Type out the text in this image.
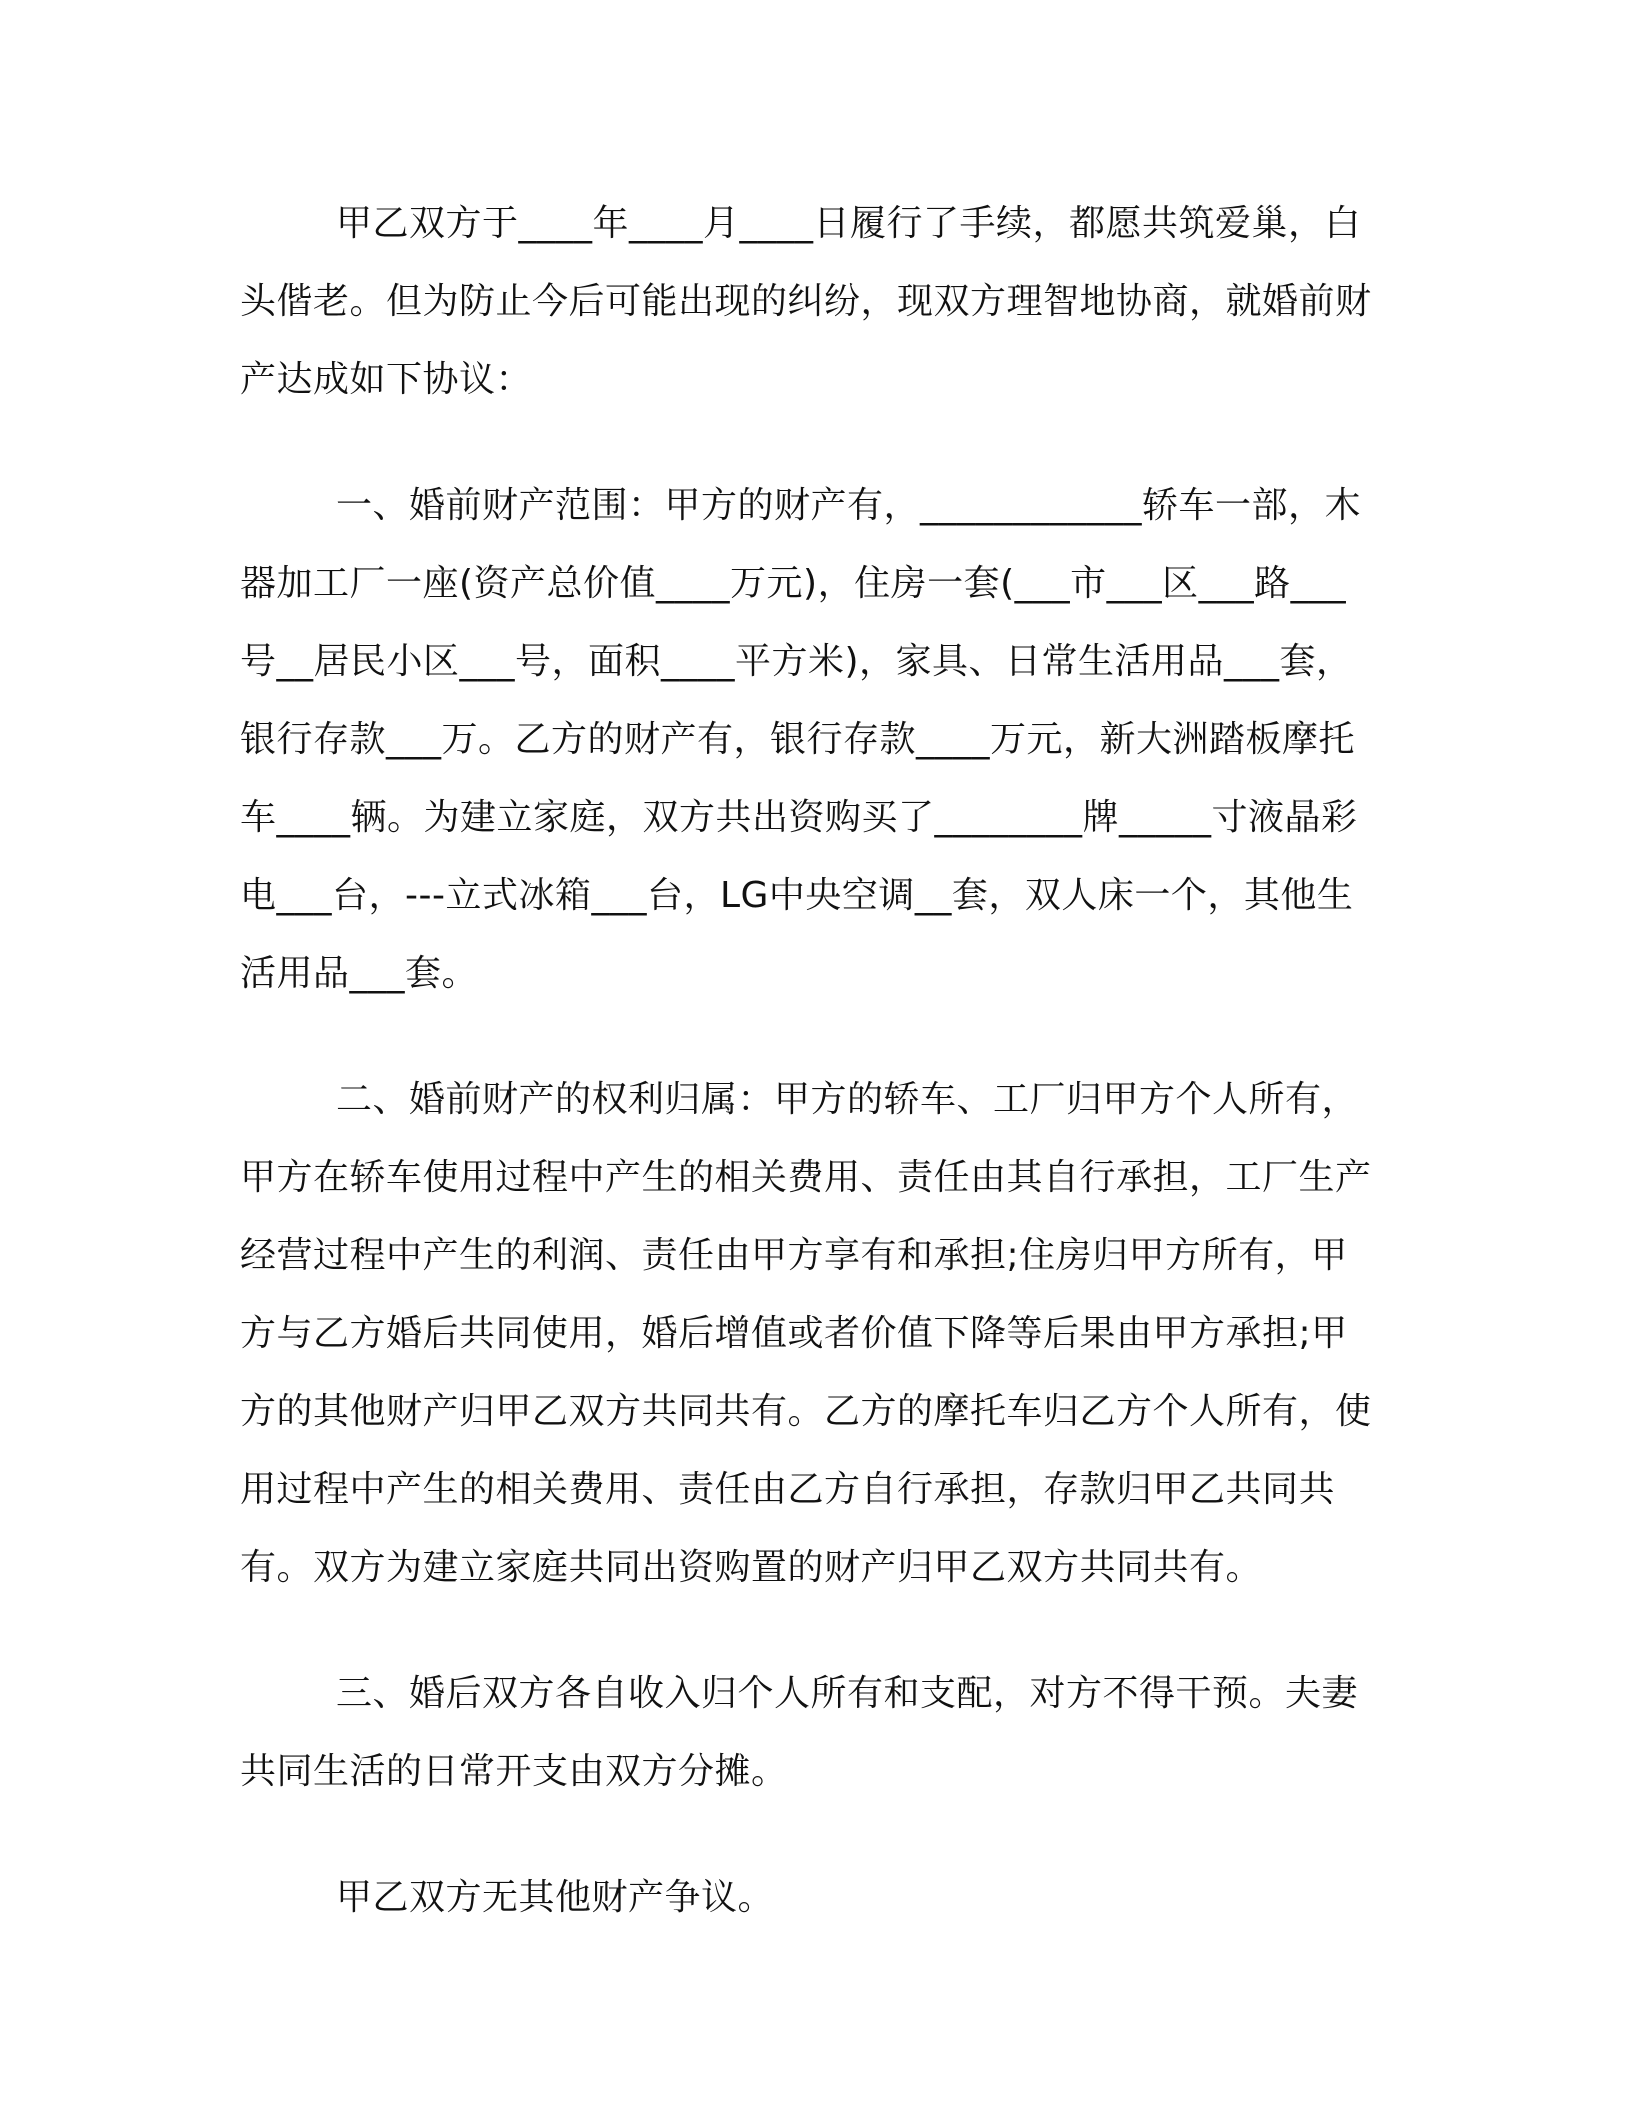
甲乙双方于____年____月____日履行了手续，都愿共筑爱巢，白头偕老。但为防止今后可能出现的纠纷，现双方理智地协商，就婚前财产达成如下协议：

一、婚前财产范围：甲方的财产有，____________轿车一部，木器加工厂一座(资产总价值____万元)，住房一套(___市___区___路___号__居民小区___号，面积____平方米)，家具、日常生活用品___套，银行存款___万。乙方的财产有，银行存款____万元，新大洲踏板摩托车____辆。为建立家庭，双方共出资购买了________牌_____寸液晶彩电___台，---立式冰箱___台，LG中央空调__套，双人床一个，其他生活用品___套。

二、婚前财产的权利归属：甲方的轿车、工厂归甲方个人所有，甲方在轿车使用过程中产生的相关费用、责任由其自行承担，工厂生产经营过程中产生的利润、责任由甲方享有和承担;住房归甲方所有，甲方与乙方婚后共同使用，婚后增值或者价值下降等后果由甲方承担;甲方的其他财产归甲乙双方共同共有。乙方的摩托车归乙方个人所有，使用过程中产生的相关费用、责任由乙方自行承担，存款归甲乙共同共有。双方为建立家庭共同出资购置的财产归甲乙双方共同共有。

三、婚后双方各自收入归个人所有和支配，对方不得干预。夫妻共同生活的日常开支由双方分摊。

甲乙双方无其他财产争议。
